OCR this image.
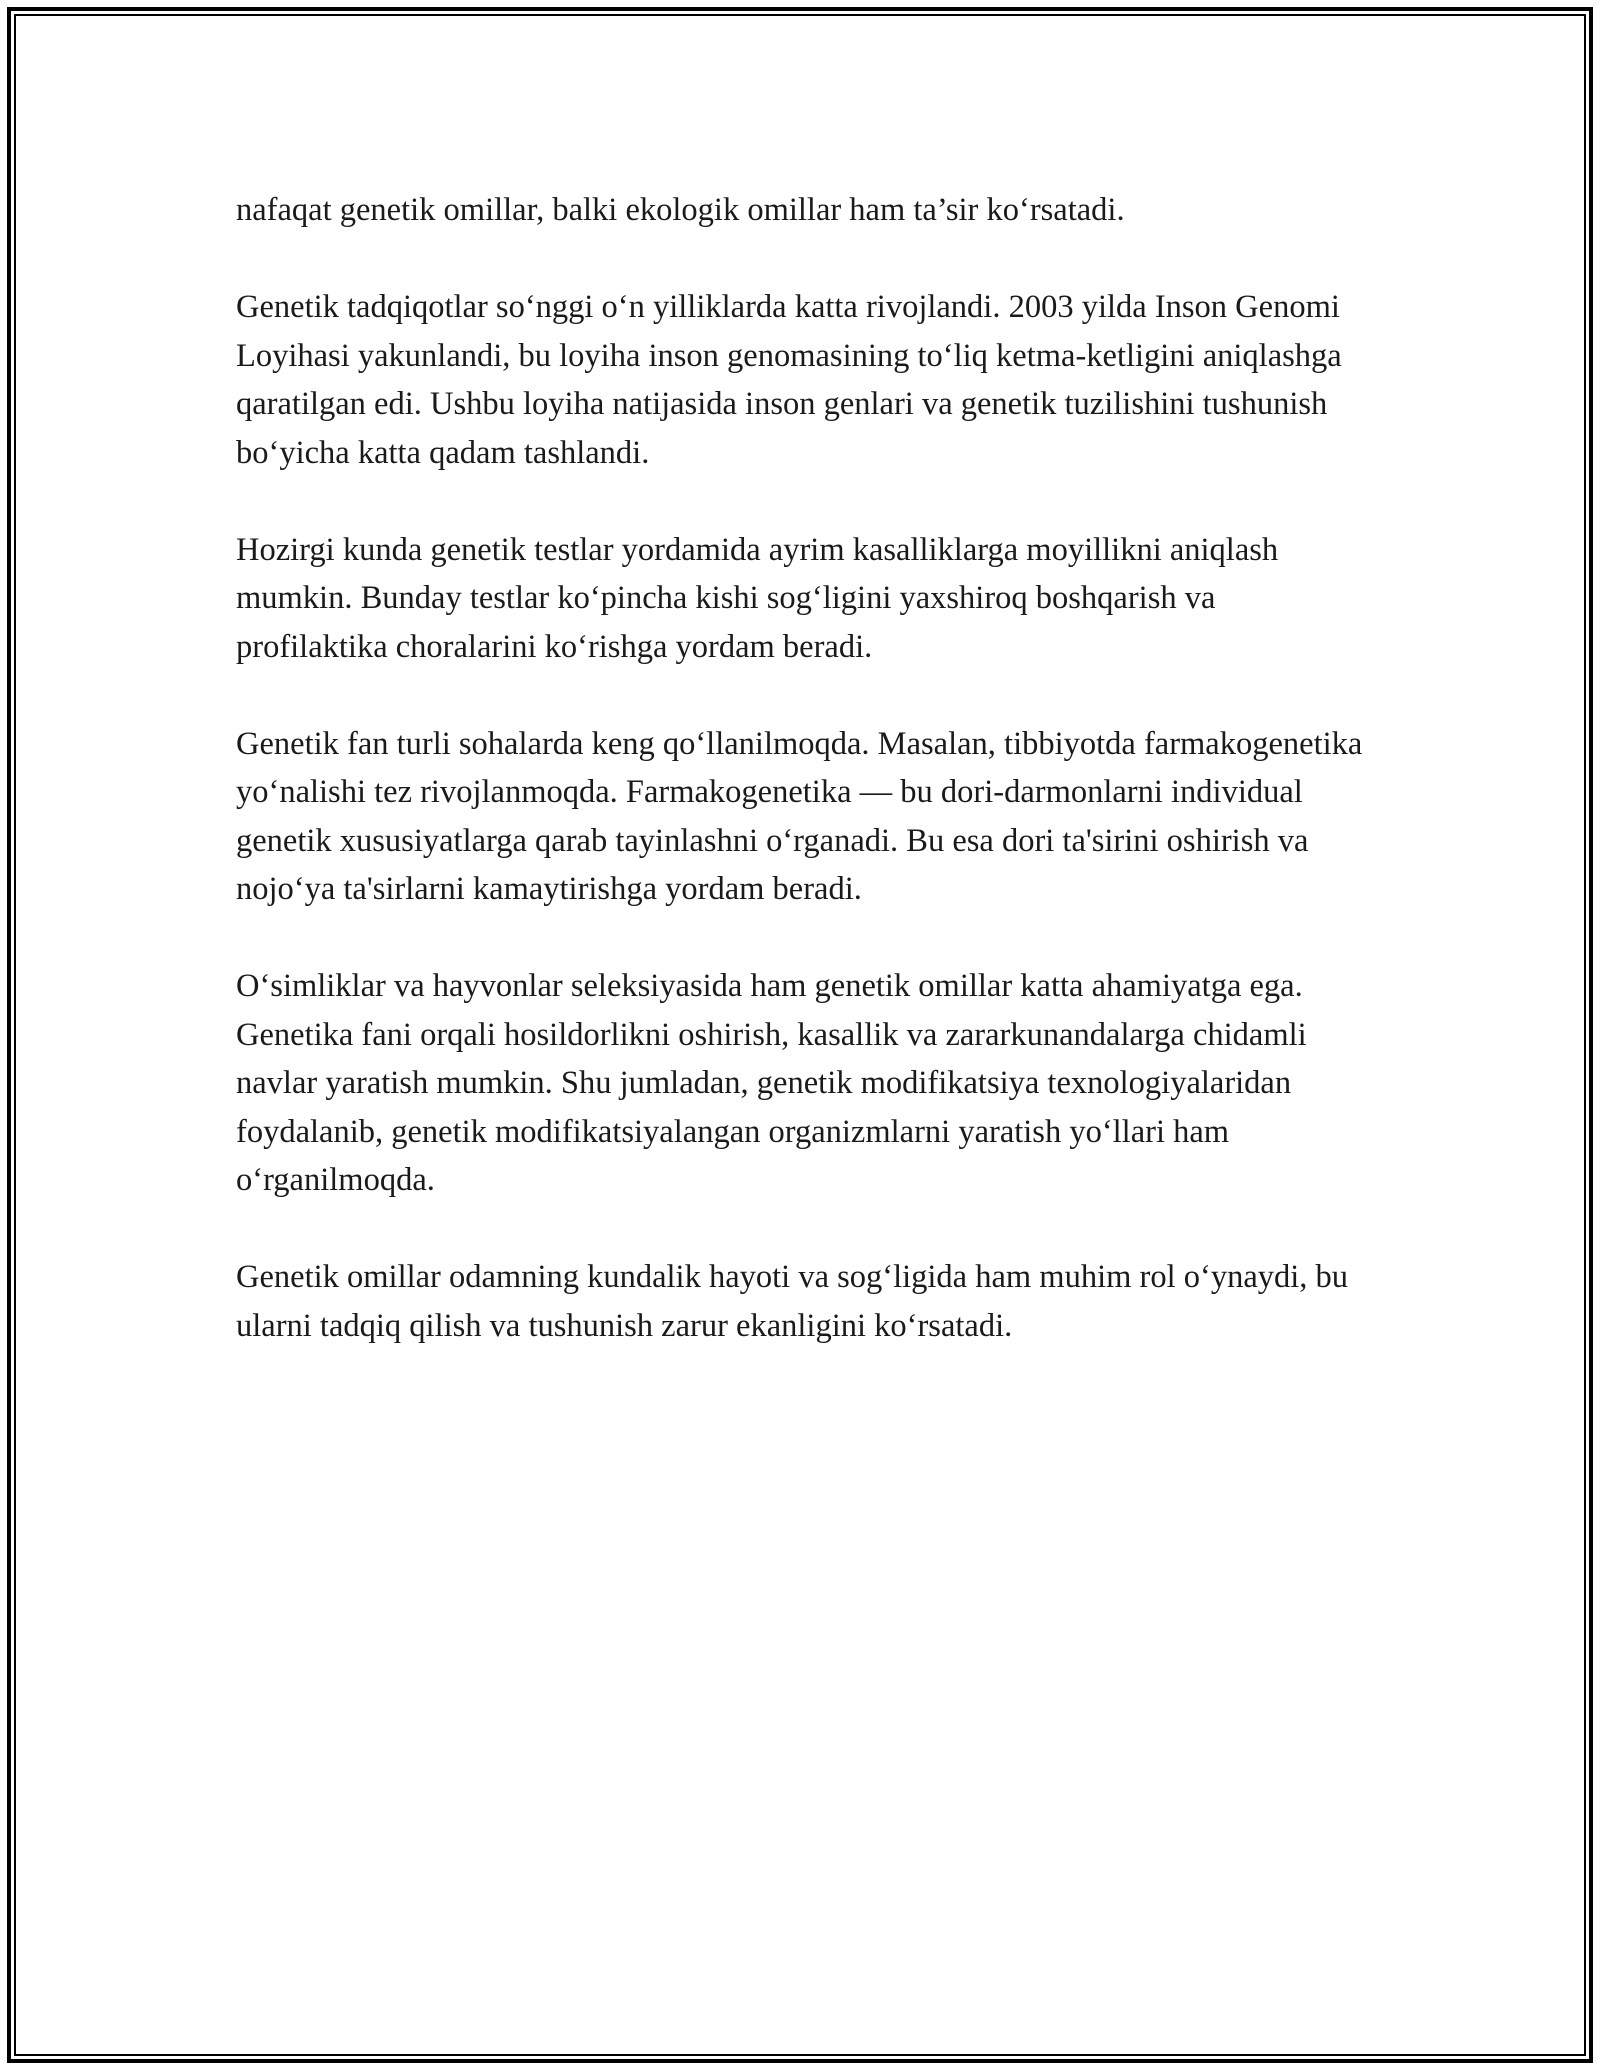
nafaqat genetik omillar, balki ekologik omillar ham ta’sir ko‘rsatadi.

Genetik tadqiqotlar so‘nggi o‘n yilliklarda katta rivojlandi. 2003 yilda Inson Genomi Loyihasi yakunlandi, bu loyiha inson genomasining to‘liq ketma-ketligini aniqlashga qaratilgan edi. Ushbu loyiha natijasida inson genlari va genetik tuzilishini tushunish bo‘yicha katta qadam tashlandi.

Hozirgi kunda genetik testlar yordamida ayrim kasalliklarga moyillikni aniqlash mumkin. Bunday testlar ko‘pincha kishi sog‘ligini yaxshiroq boshqarish va profilaktika choralarini ko‘rishga yordam beradi.

Genetik fan turli sohalarda keng qo‘llanilmoqda. Masalan, tibbiyotda farmakogenetika yo‘nalishi tez rivojlanmoqda. Farmakogenetika — bu dori-darmonlarni individual genetik xususiyatlarga qarab tayinlashni o‘rganadi. Bu esa dori ta'sirini oshirish va nojo‘ya ta'sirlarni kamaytirishga yordam beradi.

O‘simliklar va hayvonlar seleksiyasida ham genetik omillar katta ahamiyatga ega. Genetika fani orqali hosildorlikni oshirish, kasallik va zararkunandalarga chidamli navlar yaratish mumkin. Shu jumladan, genetik modifikatsiya texnologiyalaridan foydalanib, genetik modifikatsiyalangan organizmlarni yaratish yo‘llari ham o‘rganilmoqda.

Genetik omillar odamning kundalik hayoti va sog‘ligida ham muhim rol o‘ynaydi, bu ularni tadqiq qilish va tushunish zarur ekanligini ko‘rsatadi.
